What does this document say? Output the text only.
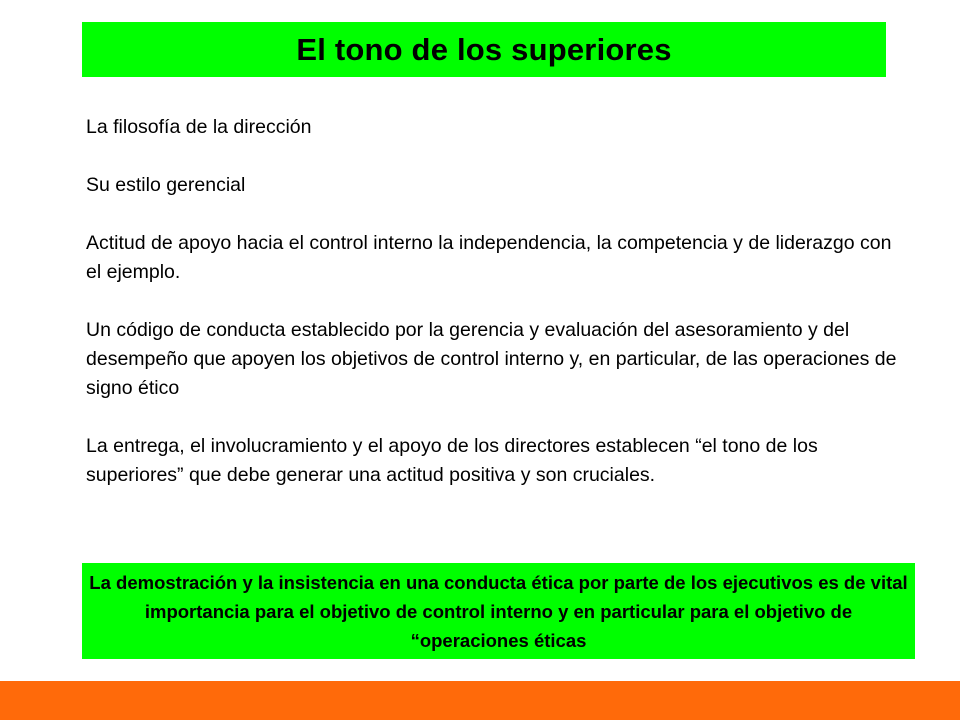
El tono de los superiores

La filosofía de la dirección

Su estilo gerencial

Actitud de apoyo hacia el control interno la independencia, la competencia y de liderazgo con el ejemplo.

Un código de conducta establecido por la gerencia y evaluación del asesoramiento y del desempeño que apoyen los objetivos de control interno y, en particular, de las operaciones de signo ético

La entrega, el involucramiento y el apoyo de los directores establecen “el tono de los superiores” que debe generar una actitud positiva y son cruciales.

La demostración y la insistencia en una conducta ética por parte de los ejecutivos es de vital importancia para el objetivo de control interno y en particular para el objetivo de “operaciones éticas
